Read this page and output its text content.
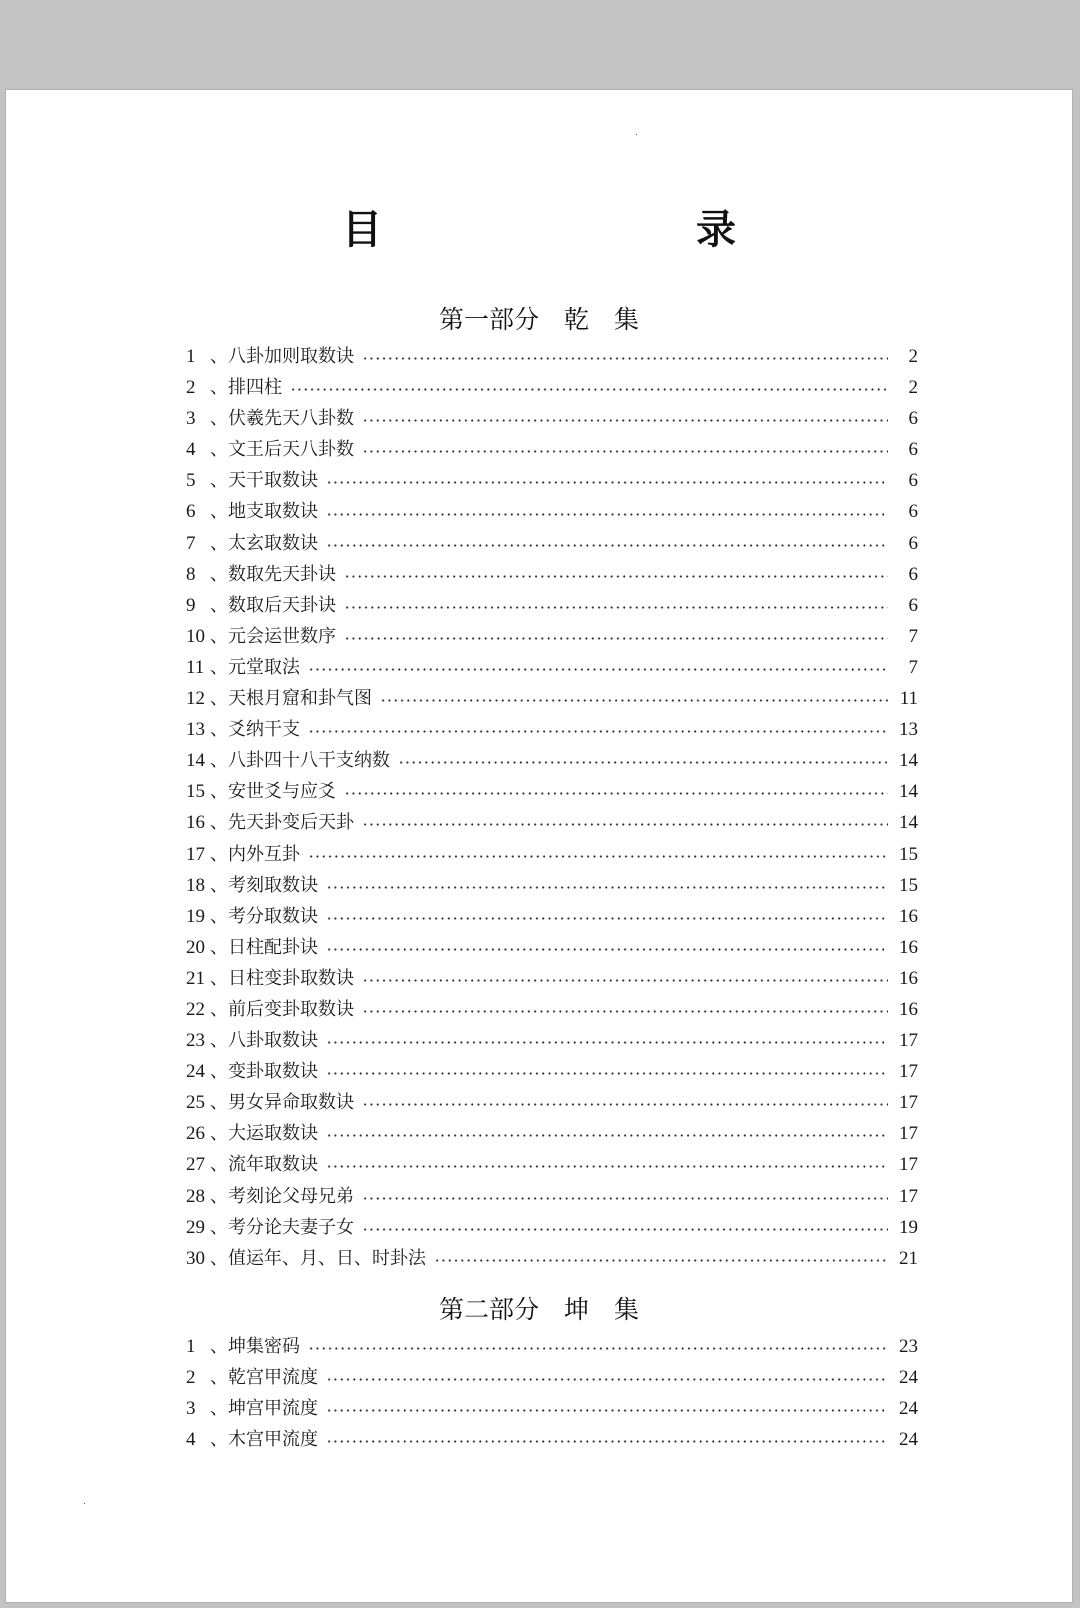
目　　录
第一部分　乾　集
1 、 八卦加则取数诀	2
2 、 排四柱	2
3 、 伏羲先天八卦数	6
4 、 文王后天八卦数	6
5 、 天干取数诀	6
6 、 地支取数诀	6
7 、 太玄取数诀	6
8 、 数取先天卦诀	6
9 、 数取后天卦诀	6
10 、 元会运世数序	7
11 、 元堂取法	7
12 、 天根月窟和卦气图	11
13 、 爻纳干支	13
14 、 八卦四十八干支纳数	14
15 、 安世爻与应爻	14
16 、 先天卦变后天卦	14
17 、 内外互卦	15
18 、 考刻取数诀	15
19 、 考分取数诀	16
20 、 日柱配卦诀	16
21 、 日柱变卦取数诀	16
22 、 前后变卦取数诀	16
23 、 八卦取数诀	17
24 、 变卦取数诀	17
25 、 男女异命取数诀	17
26 、 大运取数诀	17
27 、 流年取数诀	17
28 、 考刻论父母兄弟	17
29 、 考分论夫妻子女	19
30 、 值运年、月、日、时卦法	21
第二部分　坤　集
1 、 坤集密码	23
2 、 乾宫甲流度	24
3 、 坤宫甲流度	24
4 、 木宫甲流度	24
